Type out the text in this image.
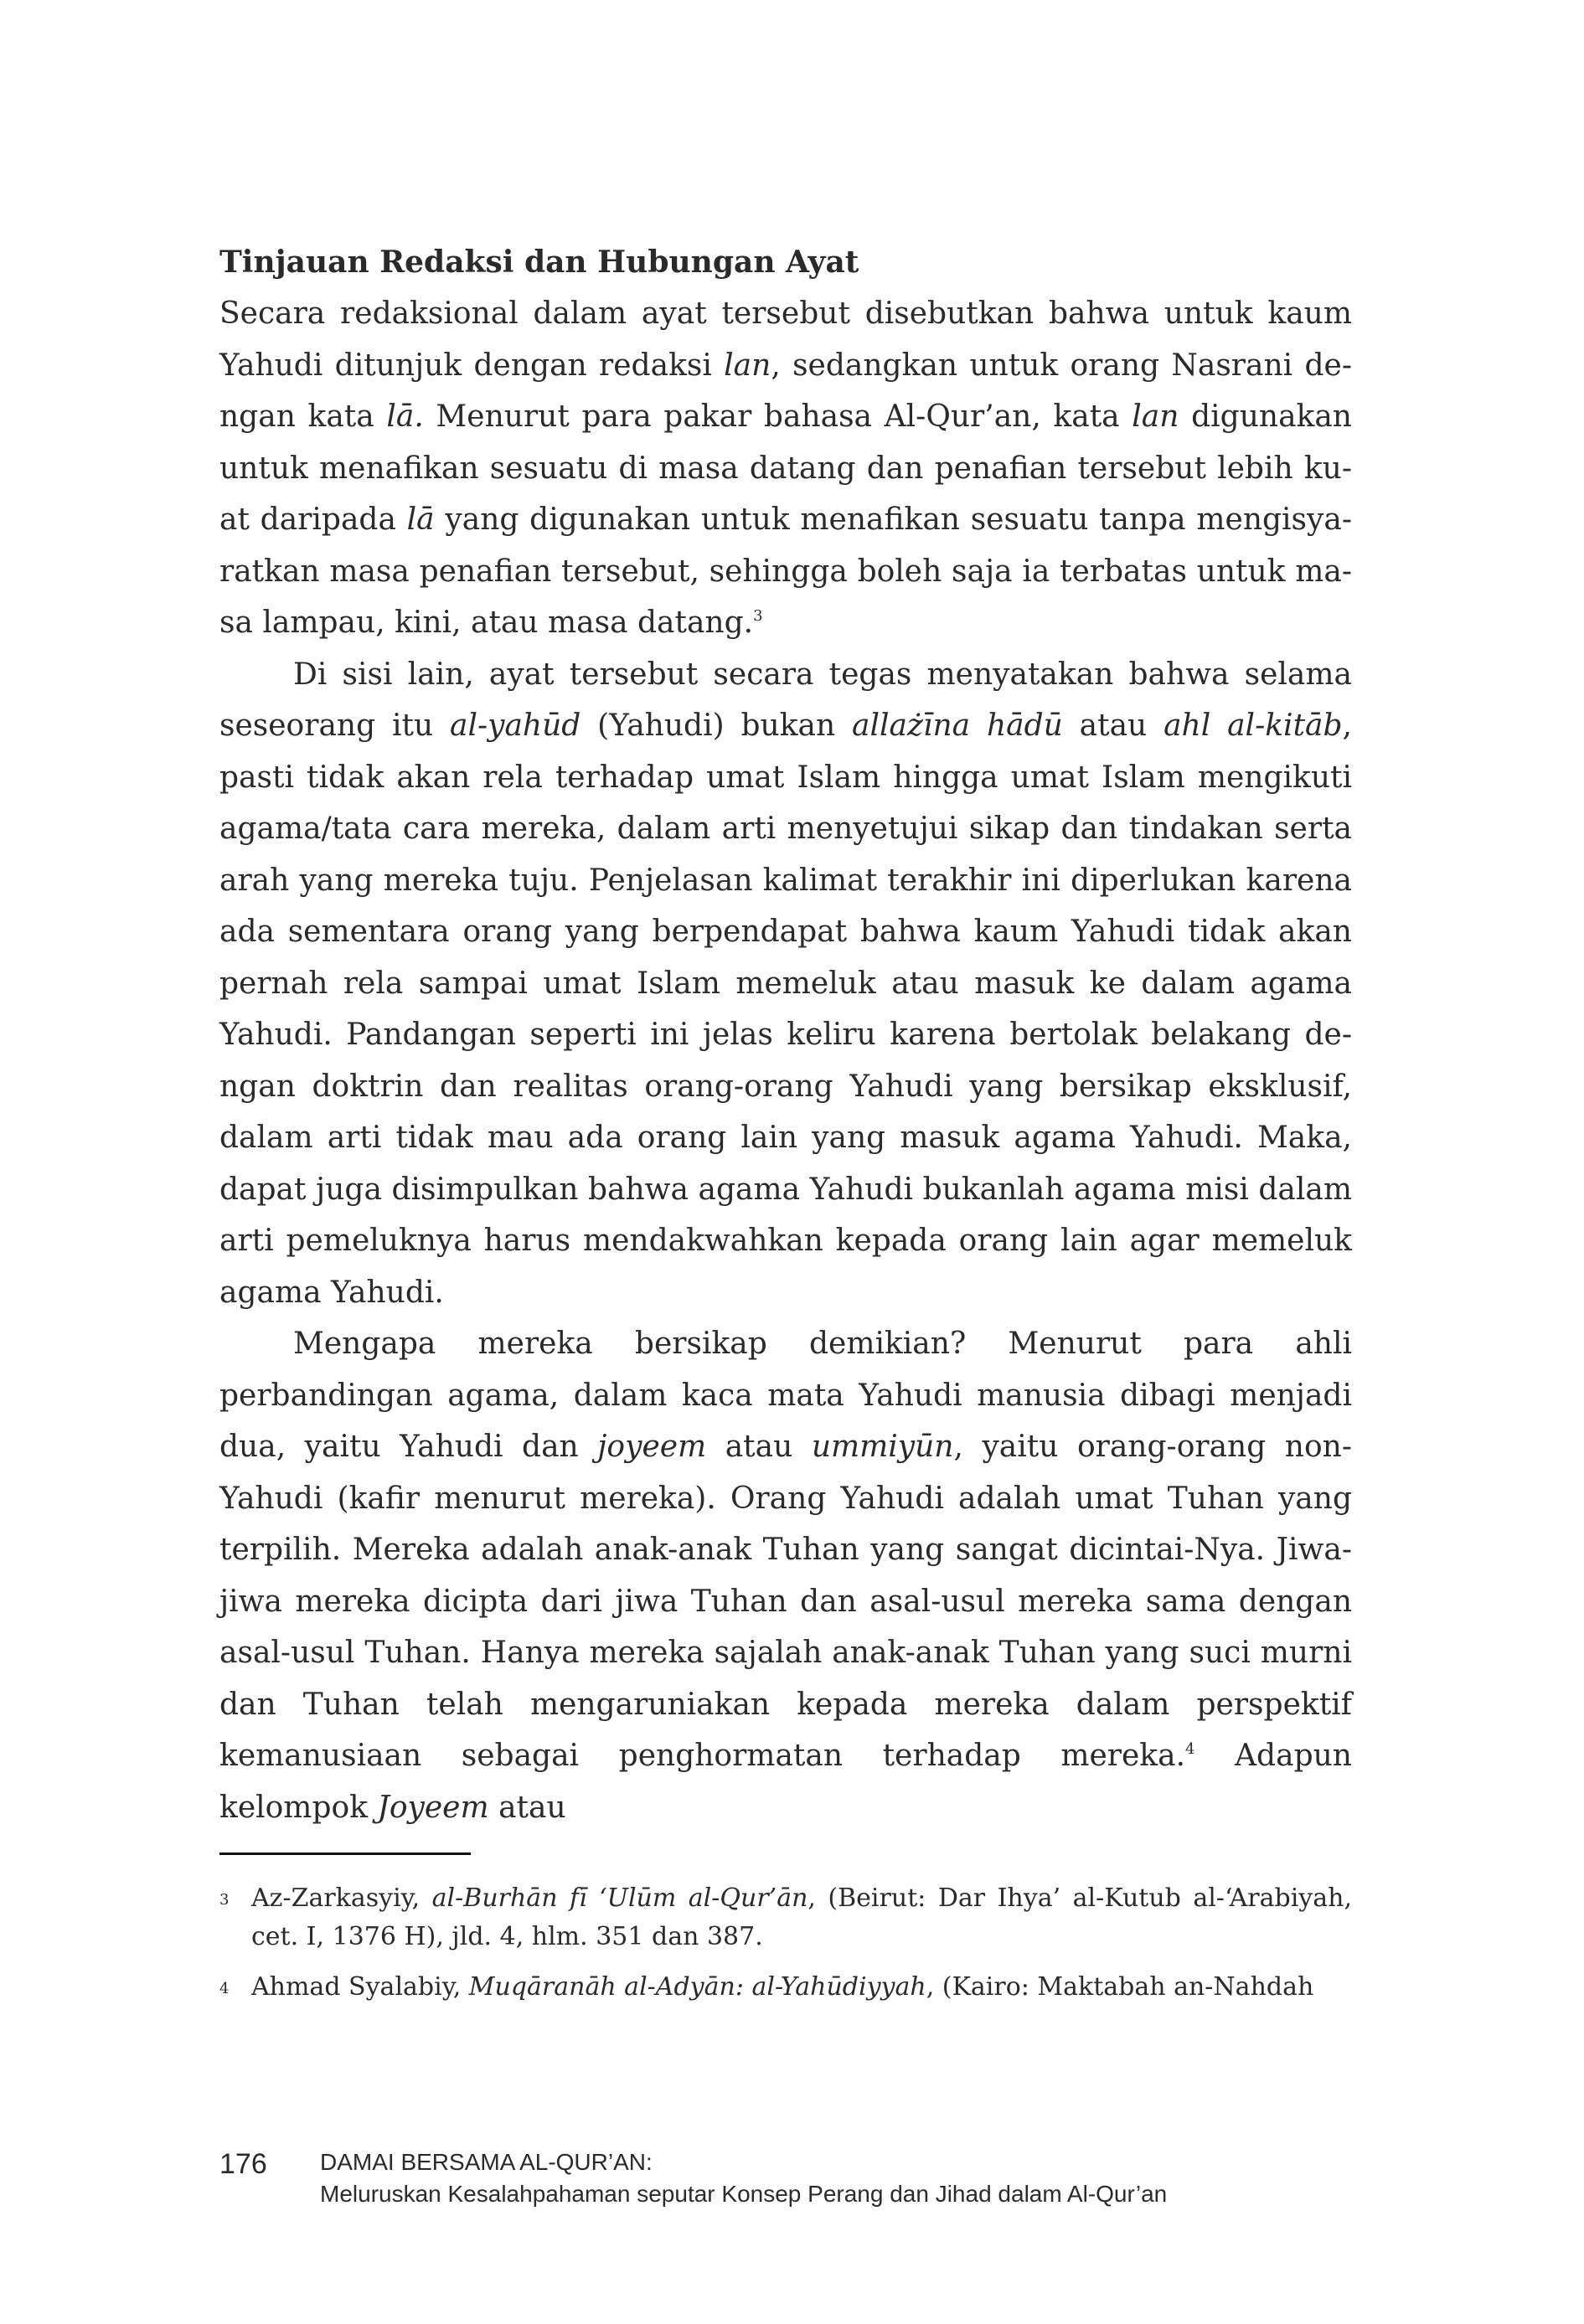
Tinjauan Redaksi dan Hubungan Ayat

Secara redaksional dalam ayat tersebut disebutkan bahwa untuk kaum Yahudi ditunjuk dengan redaksi lan, sedangkan untuk orang Nasrani dengan kata lā. Menurut para pakar bahasa Al-Qur’an, kata lan digunakan untuk menafikan sesuatu di masa datang dan penafian tersebut lebih kuat daripada lā yang digunakan untuk menafikan sesuatu tanpa mengisyaratkan masa penafian tersebut, sehingga boleh saja ia terbatas untuk masa lampau, kini, atau masa datang.$^3$

Di sisi lain, ayat tersebut secara tegas menyatakan bahwa selama seseorang itu al-yahūd (Yahudi) bukan allażīna hādū atau ahl al-kitāb, pasti tidak akan rela terhadap umat Islam hingga umat Islam mengikuti agama/tata cara mereka, dalam arti menyetujui sikap dan tindakan serta arah yang mereka tuju. Penjelasan kalimat terakhir ini diperlukan karena ada sementara orang yang berpendapat bahwa kaum Yahudi tidak akan pernah rela sampai umat Islam memeluk atau masuk ke dalam agama Yahudi. Pandangan seperti ini jelas keliru karena bertolak belakang dengan doktrin dan realitas orang-orang Yahudi yang bersikap eksklusif, dalam arti tidak mau ada orang lain yang masuk agama Yahudi. Maka, dapat juga disimpulkan bahwa agama Yahudi bukanlah agama misi dalam arti pemeluknya harus mendakwahkan kepada orang lain agar memeluk agama Yahudi.

Mengapa mereka bersikap demikian? Menurut para ahli perbandingan agama, dalam kaca mata Yahudi manusia dibagi menjadi dua, yaitu Yahudi dan joyeem atau ummiyūn, yaitu orang-orang non-Yahudi (kafir menurut mereka). Orang Yahudi adalah umat Tuhan yang terpilih. Mereka adalah anak-anak Tuhan yang sangat dicintai-Nya. Jiwa-jiwa mereka dicipta dari jiwa Tuhan dan asal-usul mereka sama dengan asal-usul Tuhan. Hanya mereka sajalah anak-anak Tuhan yang suci murni dan Tuhan telah mengaruniakan kepada mereka dalam perspektif kemanusiaan sebagai penghormatan terhadap mereka.$^4$ Adapun kelompok Joyeem atau

3 Az-Zarkasyiy, al-Burhān fī ‘Ulūm al-Qur’ān, (Beirut: Dar Ihya’ al-Kutub al-‘Arabiyah, cet. I, 1376 H), jld. 4, hlm. 351 dan 387.
4 Ahmad Syalabiy, Muqāranāh al-Adyān: al-Yahūdiyyah, (Kairo: Maktabah an-Nahdah
176	DAMAI BERSAMA AL-QUR’AN:
Meluruskan Kesalahpahaman seputar Konsep Perang dan Jihad dalam Al-Qur’an
